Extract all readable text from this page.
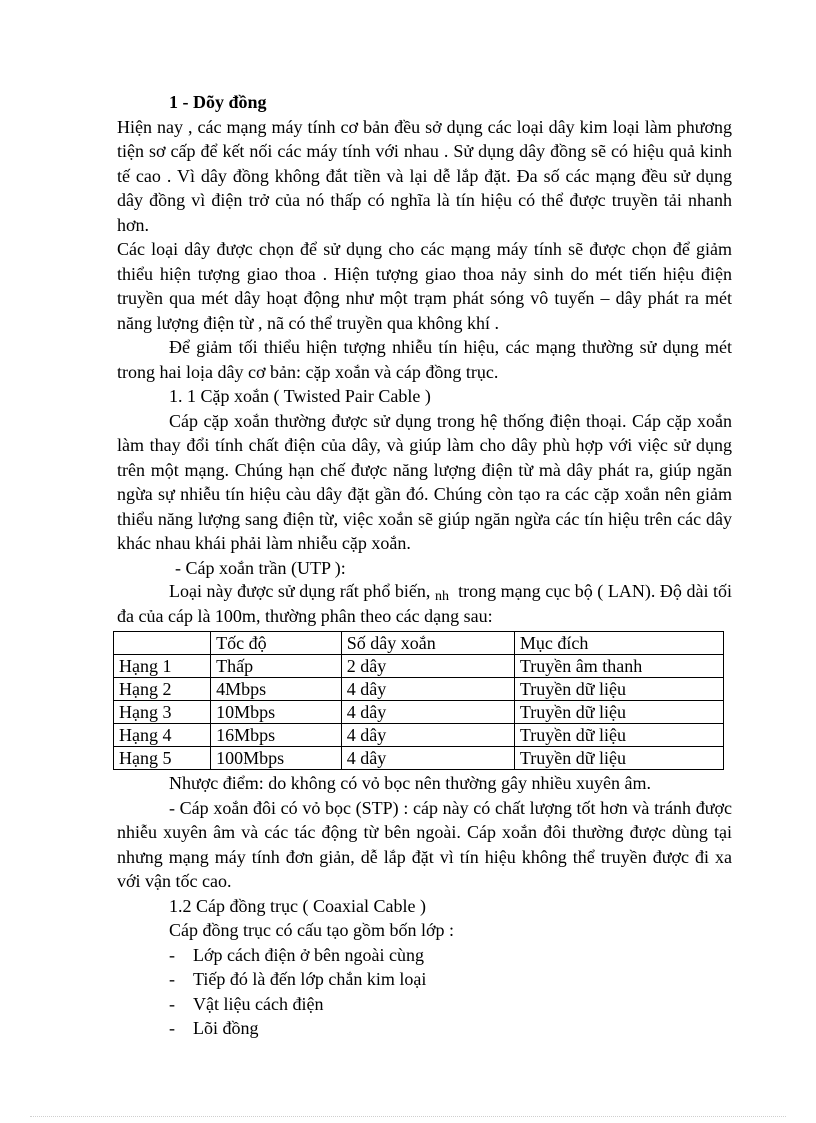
1 - Dõy đồng

Hiện nay , các mạng máy tính cơ bản đều sở dụng các loại dây kim loại làm phương tiện sơ cấp để kết nối các máy tính với nhau . Sử dụng dây đồng sẽ có hiệu quả kinh tế cao . Vì dây đồng không đắt tiền và lại dễ lắp đặt. Đa số các mạng đều sử dụng dây đồng vì điện trở của nó thấp có nghĩa là tín hiệu có thể được truyền tải nhanh hơn.

Các loại dây được chọn để sử dụng cho các mạng máy tính sẽ được chọn để giảm thiểu hiện tượng giao thoa . Hiện tượng giao thoa nảy sinh do mét tiến hiệu điện truyền qua mét dây hoạt động như một trạm phát sóng vô tuyến – dây phát ra mét năng lượng điện từ , nã có thể truyền qua không khí .

Để giảm tối thiểu hiện tượng nhiễu tín hiệu, các mạng thường sử dụng mét trong hai loịa dây cơ bản: cặp xoắn và cáp đồng trục.

1. 1 Cặp xoắn ( Twisted Pair Cable )

Cáp cặp xoắn thường được sử dụng trong hệ thống điện thoại. Cáp cặp xoắn làm thay đổi tính chất điện của dây, và giúp làm cho dây phù hợp với việc sử dụng trên một mạng. Chúng hạn chế được năng lượng điện từ mà dây phát ra, giúp ngăn ngừa sự nhiễu tín hiệu càu dây đặt gần đó. Chúng còn tạo ra các cặp xoắn nên giảm thiểu năng lượng sang điện từ, việc xoắn sẽ giúp ngăn ngừa các tín hiệu trên các dây khác nhau khái phải làm nhiễu cặp xoắn.

- Cáp xoắn trần (UTP ):

Loại này được sử dụng rất phổ biến, nh trong mạng cục bộ ( LAN). Độ dài tối đa của cáp là 100m, thường phân theo các dạng sau:

	Tốc độ	Số dây xoắn	Mục đích
Hạng 1	Thấp	2 dây	Truyền âm thanh
Hạng 2	4Mbps	4 dây	Truyền dữ liệu
Hạng 3	10Mbps	4 dây	Truyền dữ liệu
Hạng 4	16Mbps	4 dây	Truyền dữ liệu
Hạng 5	100Mbps	4 dây	Truyền dữ liệu

Nhược điểm: do không có vỏ bọc nên thường gây nhiều xuyên âm.

- Cáp xoắn đôi có vỏ bọc (STP) : cáp này có chất lượng tốt hơn và tránh được nhiễu xuyên âm và các tác động từ bên ngoài. Cáp xoắn đôi thường được dùng tại nhưng mạng máy tính đơn giản, dễ lắp đặt vì tín hiệu không thể truyền được đi xa với vận tốc cao.

1.2 Cáp đồng trục ( Coaxial Cable )

Cáp đồng trục có cấu tạo gồm bốn lớp :

- Lớp cách điện ở bên ngoài cùng
- Tiếp đó là đến lớp chắn kim loại
- Vật liệu cách điện
- Lõi đồng
